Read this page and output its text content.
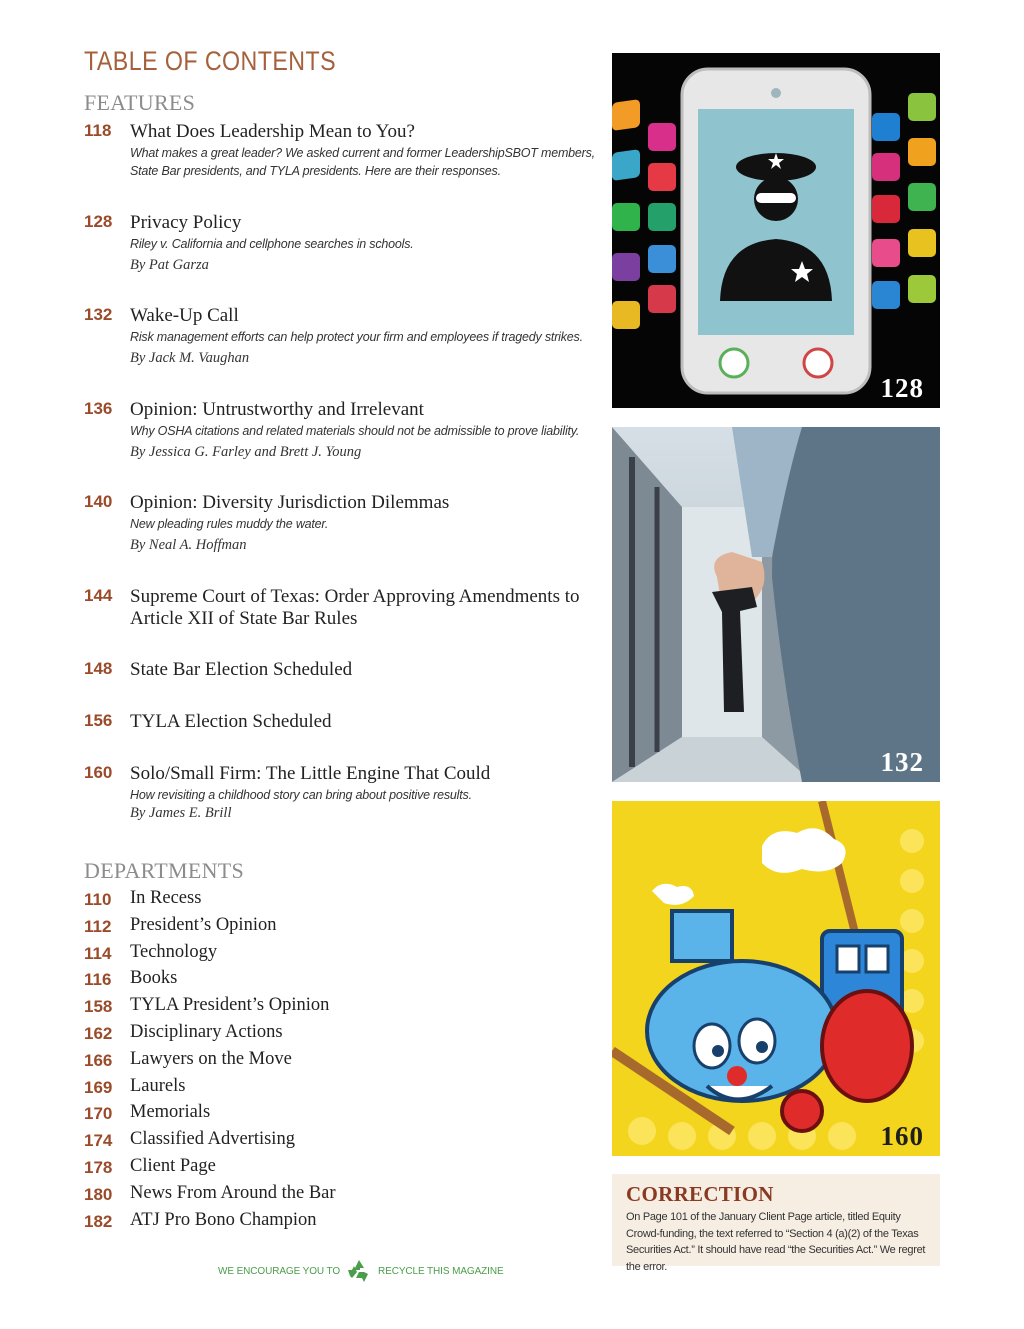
TABLE OF CONTENTS
FEATURES
118 What Does Leadership Mean to You?
What makes a great leader? We asked current and former LeadershipSBOT members, State Bar presidents, and TYLA presidents. Here are their responses.
128 Privacy Policy
Riley v. California and cellphone searches in schools.
By Pat Garza
132 Wake-Up Call
Risk management efforts can help protect your firm and employees if tragedy strikes.
By Jack M. Vaughan
136 Opinion: Untrustworthy and Irrelevant
Why OSHA citations and related materials should not be admissible to prove liability.
By Jessica G. Farley and Brett J. Young
140 Opinion: Diversity Jurisdiction Dilemmas
New pleading rules muddy the water.
By Neal A. Hoffman
144 Supreme Court of Texas: Order Approving Amendments to Article XII of State Bar Rules
148 State Bar Election Scheduled
156 TYLA Election Scheduled
160 Solo/Small Firm: The Little Engine That Could
How revisiting a childhood story can bring about positive results.
By James E. Brill
DEPARTMENTS
110 In Recess
112 President’s Opinion
114 Technology
116 Books
158 TYLA President’s Opinion
162 Disciplinary Actions
166 Lawyers on the Move
169 Laurels
170 Memorials
174 Classified Advertising
178 Client Page
180 News From Around the Bar
182 ATJ Pro Bono Champion
128
132
160
CORRECTION

On Page 101 of the January Client Page article, titled Equity Crowd-funding, the text referred to “Section 4 (a)(2) of the Texas Securities Act.” It should have read “the Securities Act.” We regret the error.

WE ENCOURAGE YOU TO	RECYCLE THIS MAGAZINE
